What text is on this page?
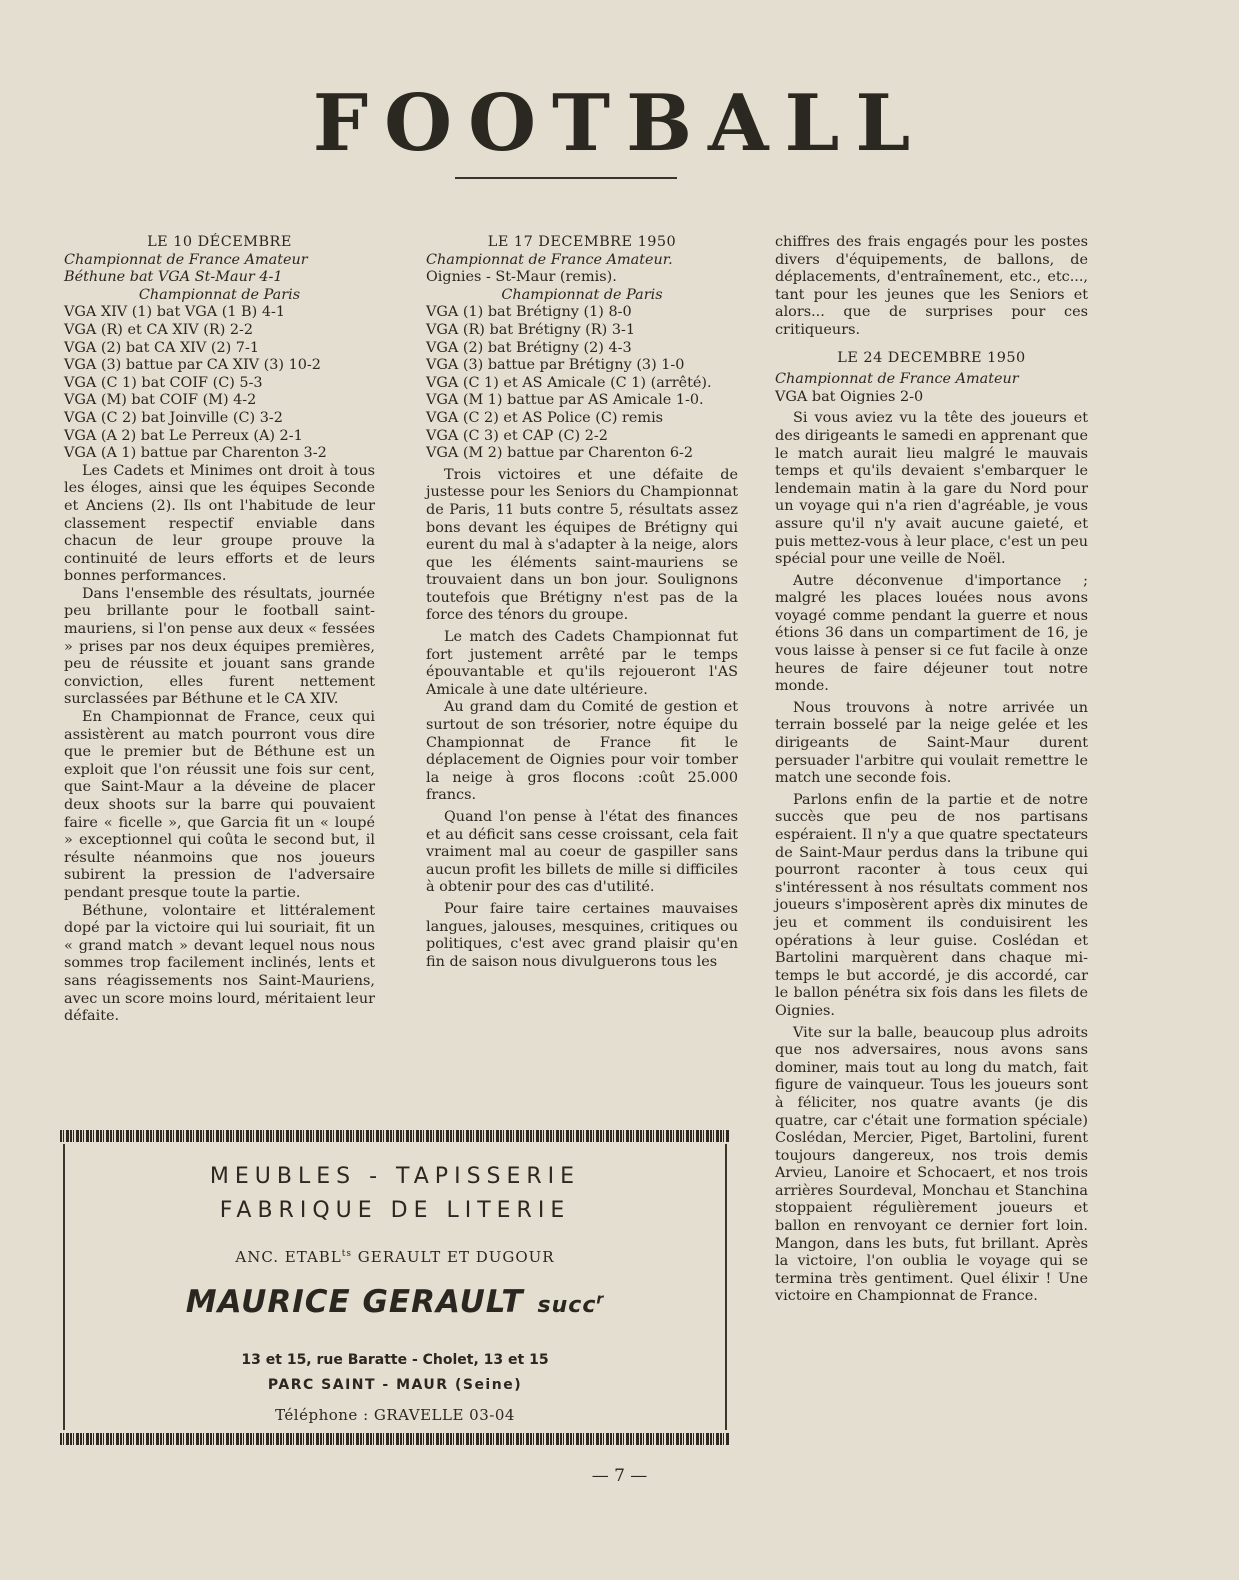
FOOTBALL

LE 10 DÉCEMBRE

Championnat de France Amateur

Béthune bat VGA St-Maur 4-1

Championnat de Paris

VGA XIV (1) bat VGA (1 B) 4-1

VGA (R) et CA XIV (R) 2-2

VGA (2) bat CA XIV (2) 7-1

VGA (3) battue par CA XIV (3) 10-2

VGA (C 1) bat COIF (C) 5-3

VGA (M) bat COIF (M) 4-2

VGA (C 2) bat Joinville (C) 3-2

VGA (A 2) bat Le Perreux (A) 2-1

VGA (A 1) battue par Charenton 3-2

Les Cadets et Minimes ont droit à tous les éloges, ainsi que les équipes Seconde et Anciens (2). Ils ont l'habitude de leur classement respectif enviable dans chacun de leur groupe prouve la continuité de leurs efforts et de leurs bonnes performances.

Dans l'ensemble des résultats, journée peu brillante pour le football saint-mauriens, si l'on pense aux deux « fessées » prises par nos deux équipes premières, peu de réussite et jouant sans grande conviction, elles furent nettement surclassées par Béthune et le CA XIV.

En Championnat de France, ceux qui assistèrent au match pourront vous dire que le premier but de Béthune est un exploit que l'on réussit une fois sur cent, que Saint-Maur a la déveine de placer deux shoots sur la barre qui pouvaient faire « ficelle », que Garcia fit un « loupé » exceptionnel qui coûta le second but, il résulte néanmoins que nos joueurs subirent la pression de l'adversaire pendant presque toute la partie.

Béthune, volontaire et littéralement dopé par la victoire qui lui souriait, fit un « grand match » devant lequel nous nous sommes trop facilement inclinés, lents et sans réagissements nos Saint-Mauriens, avec un score moins lourd, méritaient leur défaite.

LE 17 DECEMBRE 1950

Championnat de France Amateur.

Oignies - St-Maur (remis).

Championnat de Paris

VGA (1) bat Brétigny (1) 8-0

VGA (R) bat Brétigny (R) 3-1

VGA (2) bat Brétigny (2) 4-3

VGA (3) battue par Brétigny (3) 1-0

VGA (C 1) et AS Amicale (C 1) (arrêté).

VGA (M 1) battue par AS Amicale 1-0.

VGA (C 2) et AS Police (C) remis

VGA (C 3) et CAP (C) 2-2

VGA (M 2) battue par Charenton 6-2

Trois victoires et une défaite de justesse pour les Seniors du Championnat de Paris, 11 buts contre 5, résultats assez bons devant les équipes de Brétigny qui eurent du mal à s'adapter à la neige, alors que les éléments saint-mauriens se trouvaient dans un bon jour. Soulignons toutefois que Brétigny n'est pas de la force des ténors du groupe.

Le match des Cadets Championnat fut fort justement arrêté par le temps épouvantable et qu'ils rejoueront l'AS Amicale à une date ultérieure.

Au grand dam du Comité de gestion et surtout de son trésorier, notre équipe du Championnat de France fit le déplacement de Oignies pour voir tomber la neige à gros flocons :coût 25.000 francs.

Quand l'on pense à l'état des finances et au déficit sans cesse croissant, cela fait vraiment mal au coeur de gaspiller sans aucun profit les billets de mille si difficiles à obtenir pour des cas d'utilité.

Pour faire taire certaines mauvaises langues, jalouses, mesquines, critiques ou politiques, c'est avec grand plaisir qu'en fin de saison nous divulguerons tous les

chiffres des frais engagés pour les postes divers d'équipements, de ballons, de déplacements, d'entraînement, etc., etc..., tant pour les jeunes que les Seniors et alors... que de surprises pour ces critiqueurs.

LE 24 DECEMBRE 1950

Championnat de France Amateur

VGA bat Oignies 2-0

Si vous aviez vu la tête des joueurs et des dirigeants le samedi en apprenant que le match aurait lieu malgré le mauvais temps et qu'ils devaient s'embarquer le lendemain matin à la gare du Nord pour un voyage qui n'a rien d'agréable, je vous assure qu'il n'y avait aucune gaieté, et puis mettez-vous à leur place, c'est un peu spécial pour une veille de Noël.

Autre déconvenue d'importance ; malgré les places louées nous avons voyagé comme pendant la guerre et nous étions 36 dans un compartiment de 16, je vous laisse à penser si ce fut facile à onze heures de faire déjeuner tout notre monde.

Nous trouvons à notre arrivée un terrain bosselé par la neige gelée et les dirigeants de Saint-Maur durent persuader l'arbitre qui voulait remettre le match une seconde fois.

Parlons enfin de la partie et de notre succès que peu de nos partisans espéraient. Il n'y a que quatre spectateurs de Saint-Maur perdus dans la tribune qui pourront raconter à tous ceux qui s'intéressent à nos résultats comment nos joueurs s'imposèrent après dix minutes de jeu et comment ils conduisirent les opérations à leur guise. Coslédan et Bartolini marquèrent dans chaque mi-temps le but accordé, je dis accordé, car le ballon pénétra six fois dans les filets de Oignies.

Vite sur la balle, beaucoup plus adroits que nos adversaires, nous avons sans dominer, mais tout au long du match, fait figure de vainqueur. Tous les joueurs sont à féliciter, nos quatre avants (je dis quatre, car c'était une formation spéciale) Coslédan, Mercier, Piget, Bartolini, furent toujours dangereux, nos trois demis Arvieu, Lanoire et Schocaert, et nos trois arrières Sourdeval, Monchau et Stanchina stoppaient régulièrement joueurs et ballon en renvoyant ce dernier fort loin. Mangon, dans les buts, fut brillant. Après la victoire, l'on oublia le voyage qui se termina très gentiment. Quel élixir ! Une victoire en Championnat de France.

MEUBLES - TAPISSERIE
FABRIQUE DE LITERIE
ANC. $ETABL^{ts}$ GERAULT ET DUGOUR
MAURICE GERAULT succ$^r$
13 et 15, rue Baratte - Cholet, 13 et 15
PARC SAINT - MAUR (Seine)
Téléphone : GRAVELLE 03-04
— 7 —
